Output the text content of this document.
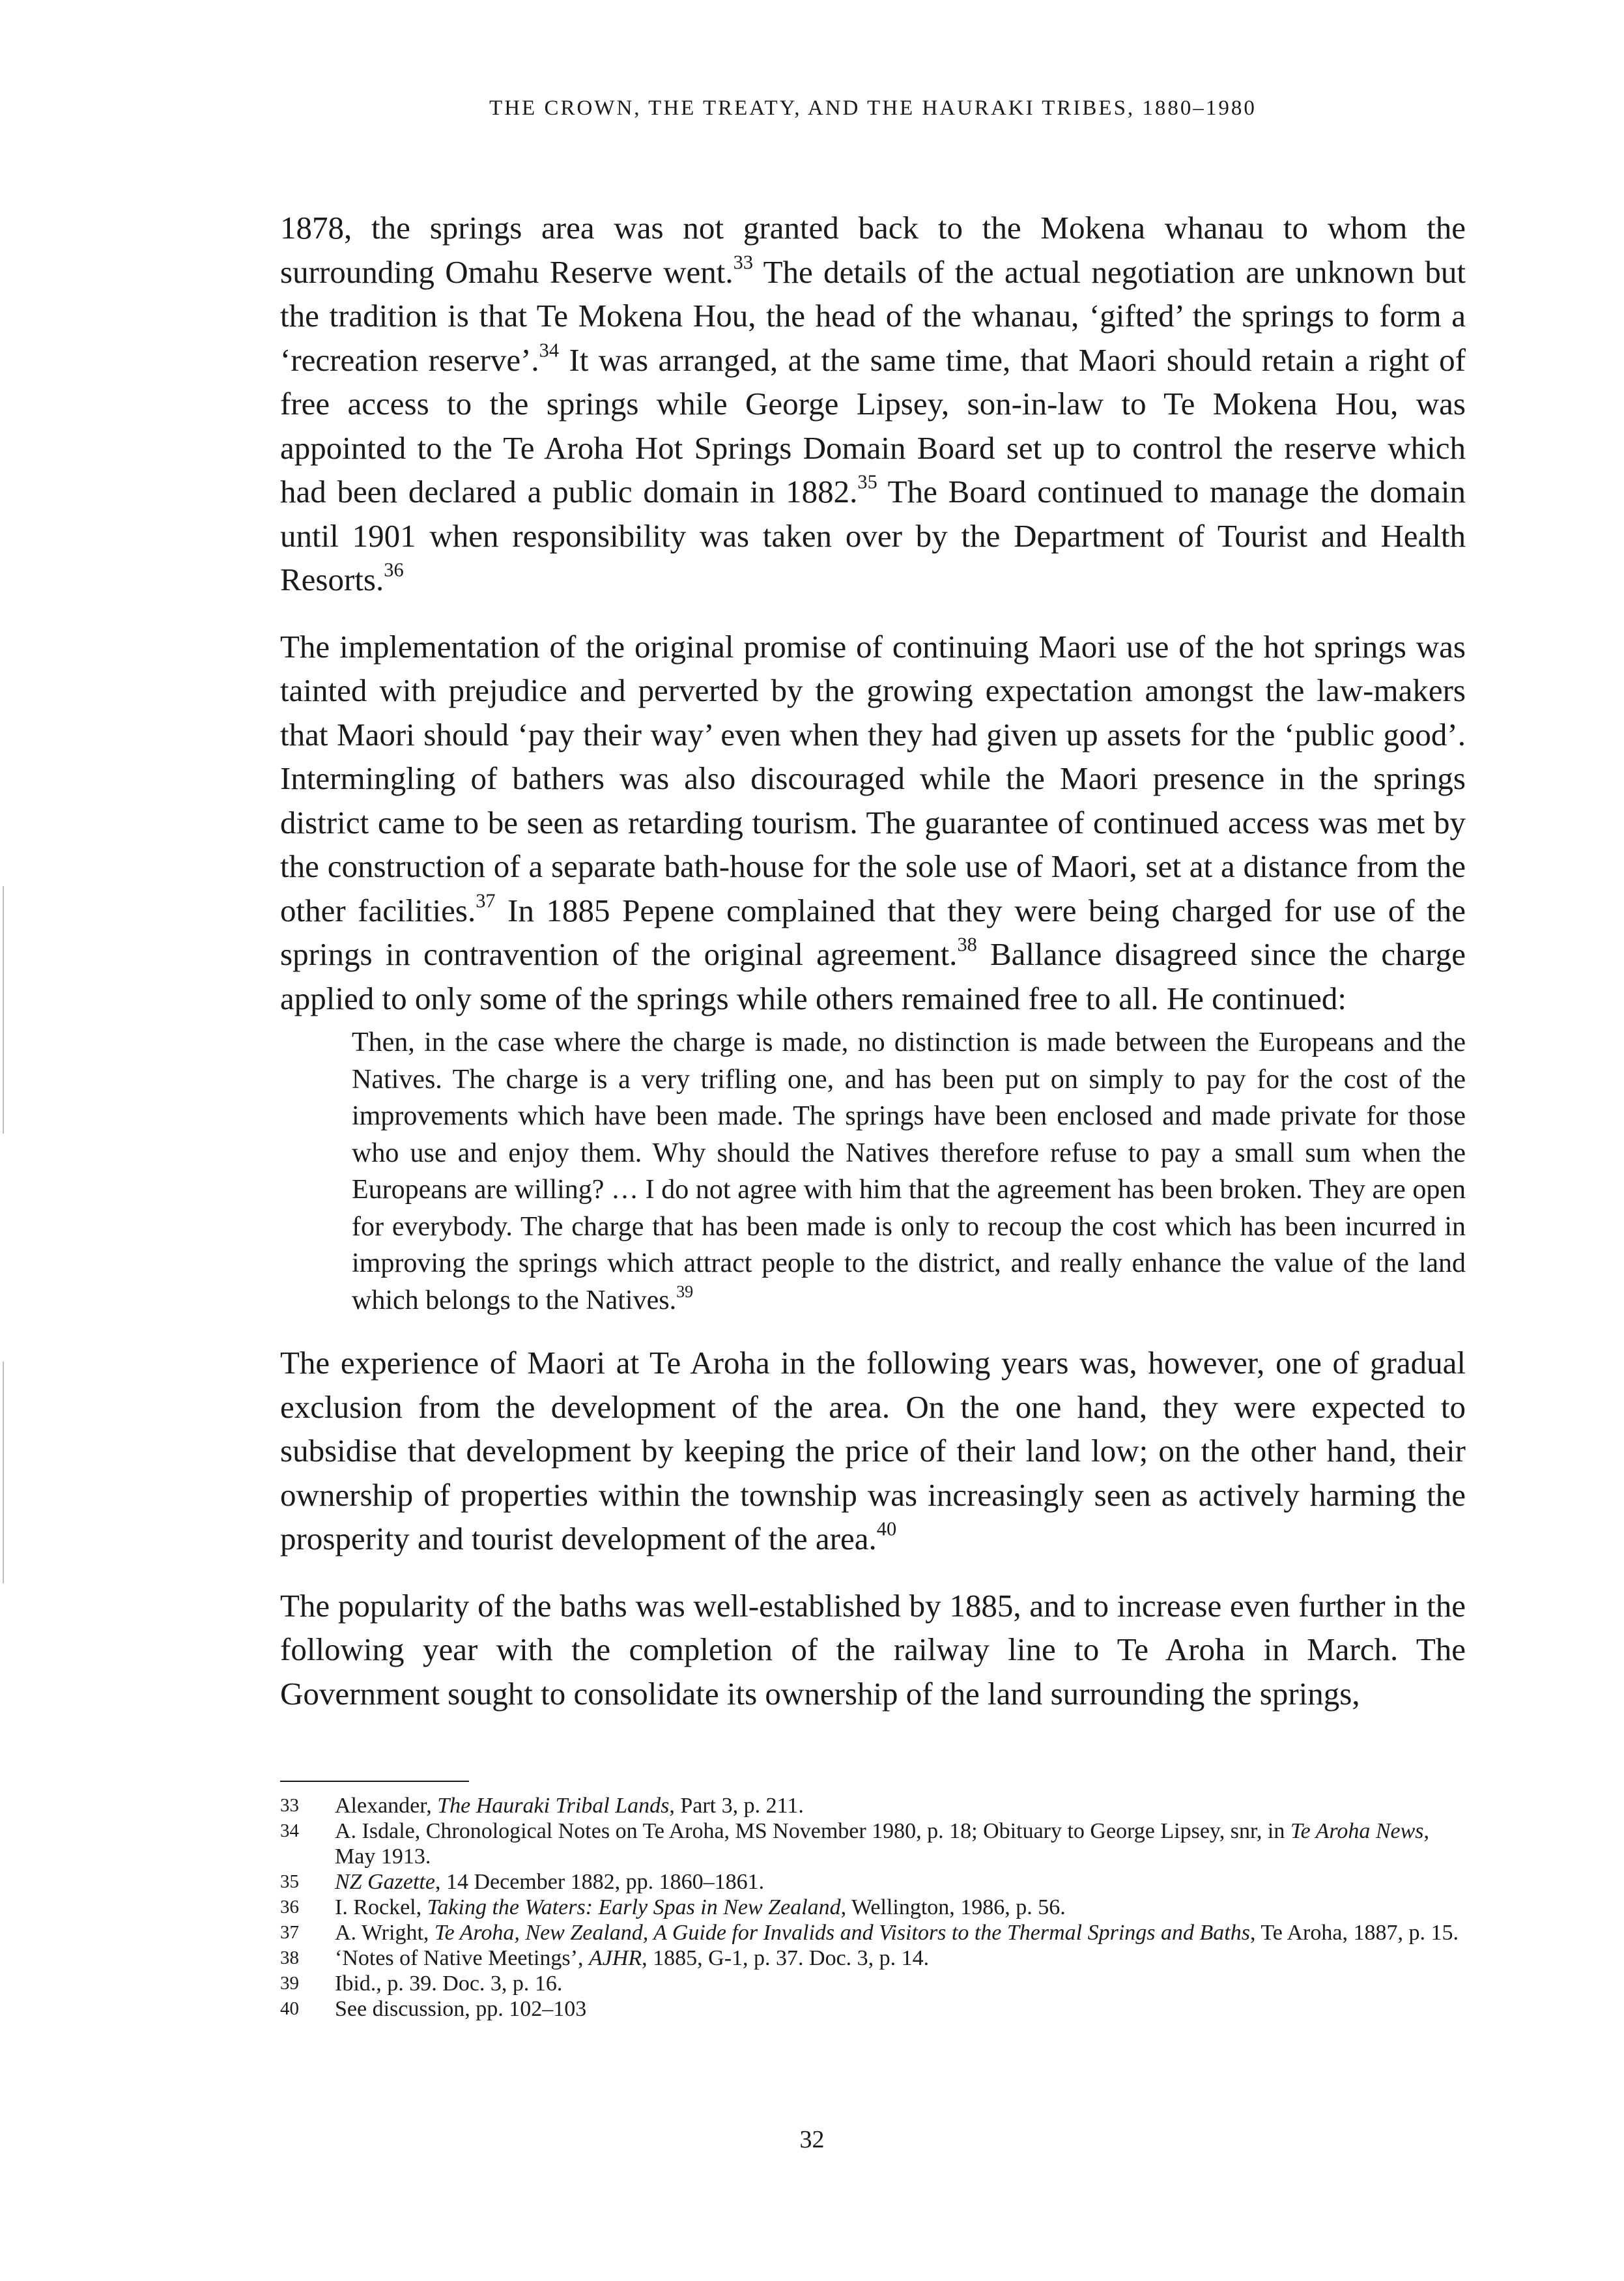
THE CROWN, THE TREATY, AND THE HAURAKI TRIBES, 1880–1980

1878, the springs area was not granted back to the Mokena whanau to whom the surrounding Omahu Reserve went.$^{33}$ The details of the actual negotiation are unknown but the tradition is that Te Mokena Hou, the head of the whanau, ‘gifted’ the springs to form a ‘recreation reserve’.$^{34}$ It was arranged, at the same time, that Maori should retain a right of free access to the springs while George Lipsey, son-in-law to Te Mokena Hou, was appointed to the Te Aroha Hot Springs Domain Board set up to control the reserve which had been declared a public domain in 1882.35 The Board continued to manage the domain until 1901 when responsibility was taken over by the Department of Tourist and Health Resorts.$^{36}$

The implementation of the original promise of continuing Maori use of the hot springs was tainted with prejudice and perverted by the growing expectation amongst the law-makers that Maori should ‘pay their way’ even when they had given up assets for the ‘public good’. Intermingling of bathers was also discouraged while the Maori presence in the springs district came to be seen as retarding tourism. The guarantee of continued access was met by the construction of a separate bath-house for the sole use of Maori, set at a distance from the other facilities.$^{37}$ In 1885 Pepene complained that they were being charged for use of the springs in contravention of the original agreement.$^{38}$ Ballance disagreed since the charge applied to only some of the springs while others remained free to all. He continued:

Then, in the case where the charge is made, no distinction is made between the Europeans and the Natives. The charge is a very trifling one, and has been put on simply to pay for the cost of the improvements which have been made. The springs have been enclosed and made private for those who use and enjoy them. Why should the Natives therefore refuse to pay a small sum when the Europeans are willing? … I do not agree with him that the agreement has been broken. They are open for everybody. The charge that has been made is only to recoup the cost which has been incurred in improving the springs which attract people to the district, and really enhance the value of the land which belongs to the Natives.$^{39}$

The experience of Maori at Te Aroha in the following years was, however, one of gradual exclusion from the development of the area. On the one hand, they were expected to subsidise that development by keeping the price of their land low; on the other hand, their ownership of properties within the township was increasingly seen as actively harming the prosperity and tourist development of the area.$^{40}$

The popularity of the baths was well-established by 1885, and to increase even further in the following year with the completion of the railway line to Te Aroha in March. The Government sought to consolidate its ownership of the land surrounding the springs,

33	Alexander, The Hauraki Tribal Lands, Part 3, p. 211.
34	A. Isdale, Chronological Notes on Te Aroha, MS November 1980, p. 18; Obituary to George Lipsey, snr, in Te Aroha News, May 1913.
35	NZ Gazette, 14 December 1882, pp. 1860–1861.
36	I. Rockel, Taking the Waters: Early Spas in New Zealand, Wellington, 1986, p. 56.
37	A. Wright, Te Aroha, New Zealand, A Guide for Invalids and Visitors to the Thermal Springs and Baths, Te Aroha, 1887, p. 15.
38	‘Notes of Native Meetings’, AJHR, 1885, G-1, p. 37. Doc. 3, p. 14.
39	Ibid., p. 39. Doc. 3, p. 16.
40	See discussion, pp. 102–103
32
